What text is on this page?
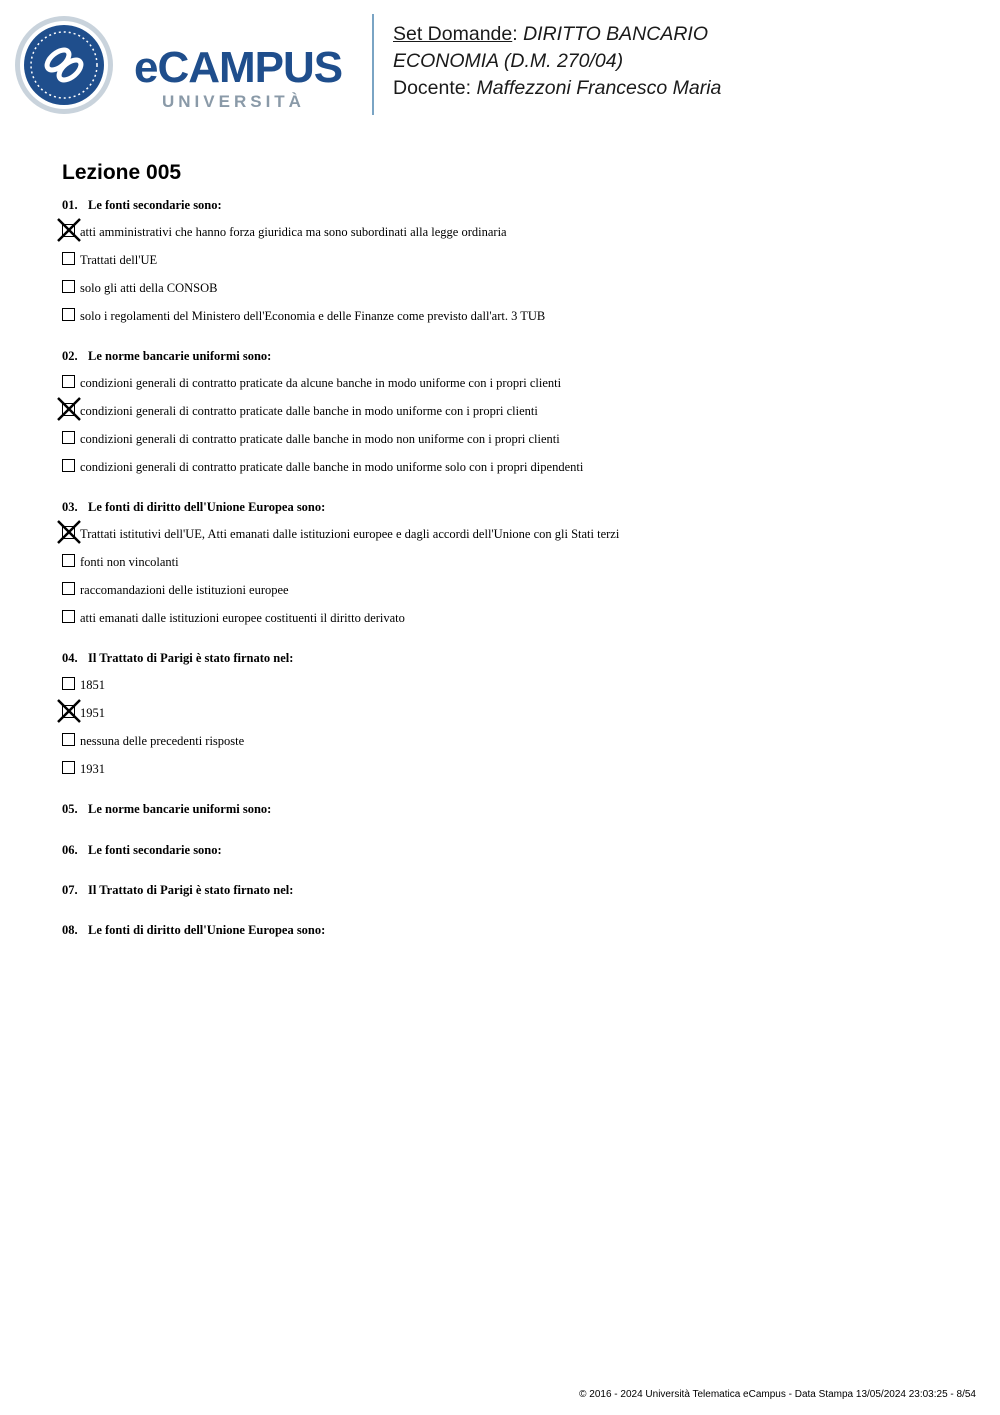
eCAMPUS
UNIVERSITÀ
Set Domande: DIRITTO BANCARIO
ECONOMIA (D.M. 270/04)
Docente: Maffezzoni Francesco Maria
Lezione 005
01. Le fonti secondarie sono:
atti amministrativi che hanno forza giuridica ma sono subordinati alla legge ordinaria
Trattati dell'UE
solo gli atti della CONSOB
solo i regolamenti del Ministero dell'Economia e delle Finanze come previsto dall'art. 3 TUB
02. Le norme bancarie uniformi sono:
condizioni generali di contratto praticate da alcune banche in modo uniforme con i propri clienti
condizioni generali di contratto praticate dalle banche in modo uniforme con i propri clienti
condizioni generali di contratto praticate dalle banche in modo non uniforme con i propri clienti
condizioni generali di contratto praticate dalle banche in modo uniforme solo con i propri dipendenti
03. Le fonti di diritto dell'Unione Europea sono:
Trattati istitutivi dell'UE, Atti emanati dalle istituzioni europee e dagli accordi dell'Unione con gli Stati terzi
fonti non vincolanti
raccomandazioni delle istituzioni europee
atti emanati dalle istituzioni europee costituenti il diritto derivato
04. Il Trattato di Parigi è stato firnato nel:
1851
1951
nessuna delle precedenti risposte
1931
05. Le norme bancarie uniformi sono:
06. Le fonti secondarie sono:
07. Il Trattato di Parigi è stato firnato nel:
08. Le fonti di diritto dell'Unione Europea sono:
© 2016 - 2024 Università Telematica eCampus - Data Stampa 13/05/2024 23:03:25 - 8/54
